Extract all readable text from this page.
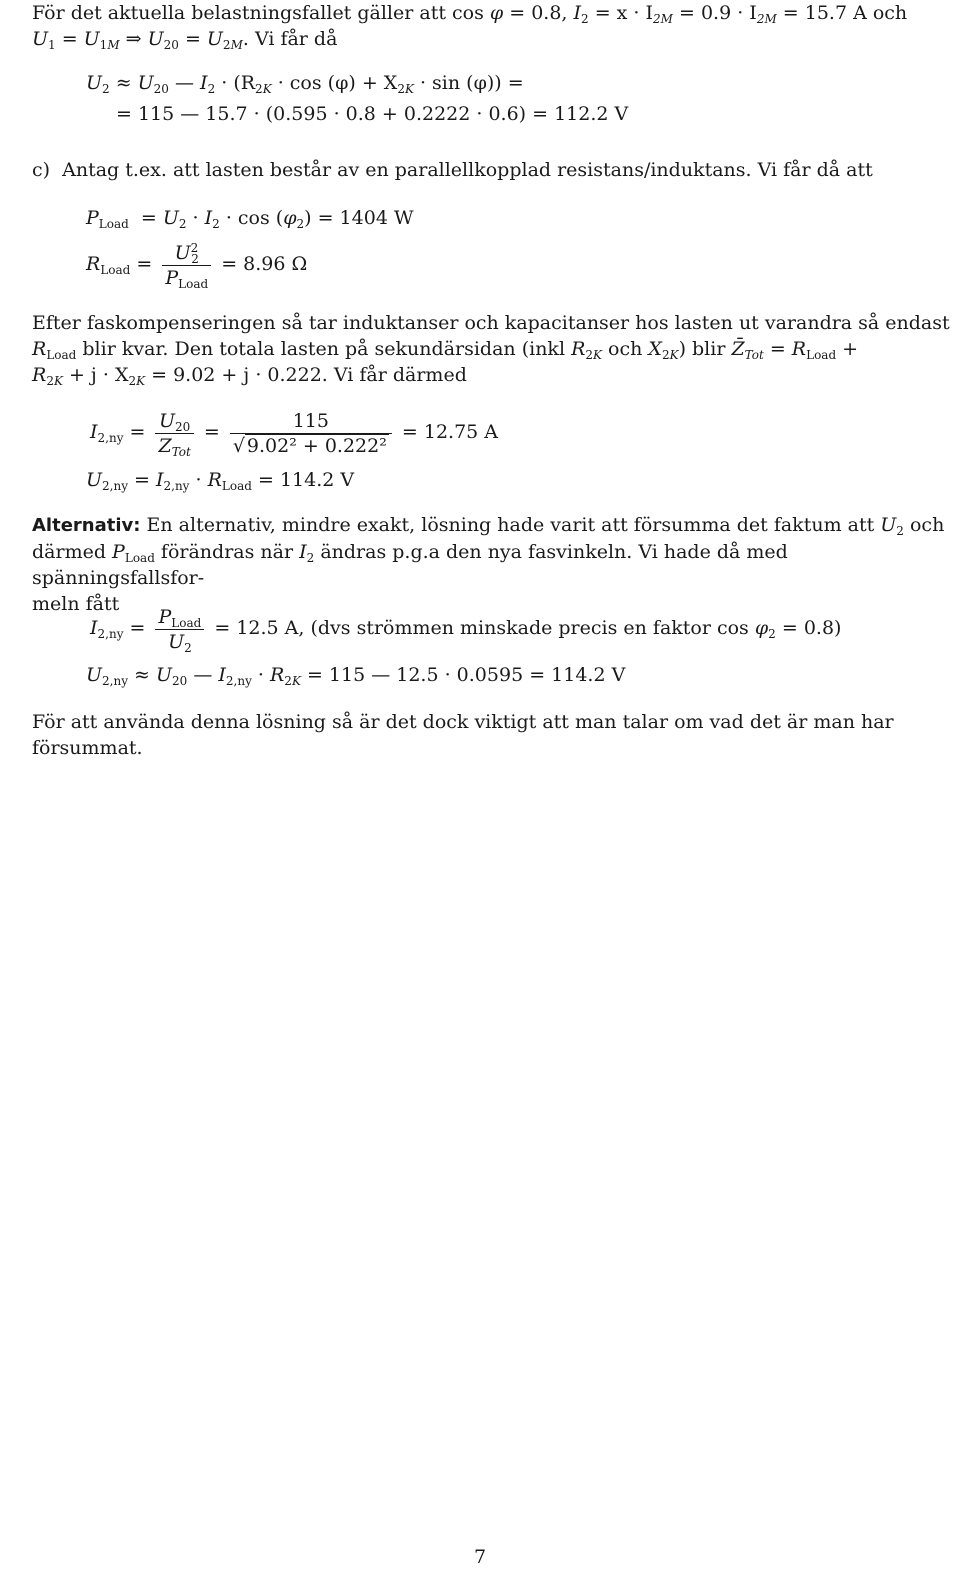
För det aktuella belastningsfallet gäller att cos φ = 0.8, $I_2 = x \cdot I_{2M} = 0.9 \cdot I_{2M} = 15.7$ A och
$U_1 = U_{1M}$ ⇒ $U_{20} = U_{2M}$. Vi får då
$U_2 \approx U_{20}$ — $I_2 \cdot (R_{2K} \cdot \cos (\varphi) + X_{2K} \cdot \sin (\varphi))$ =
= 115 — 15.7 · (0.595 · 0.8 + 0.2222 · 0.6) = 112.2 V
c) Antag t.ex. att lasten består av en parallellkopplad resistans/induktans. Vi får då att
$P_{Load} = U_2 \cdot I_2 \cdot \cos (\varphi_2) = 1404$ W
$R_{Load} = \frac{U^2_2}{P_{Load}} = 8.96$ Ω
Efter faskompenseringen så tar induktanser och kapacitanser hos lasten ut varandra så endast
$R_{Load}$ blir kvar. Den totala lasten på sekundärsidan (inkl $R_{2K}$ och $X_{2K}$) blir $Z̄_{Tot} = R_{Load}$ +
$R_{2K} + j \cdot X_{2K} = 9.02 + j \cdot 0.222$. Vi får därmed
$I_{2,ny} = \frac{U_{20}}{Z_{Tot}} = \frac{115}{\text{√ 9.02² + 0.222²}} = 12.75$ A
$U_{2,ny} = I_{2,ny} \cdot R_{Load} = 114.2$ V
Alternativ: En alternativ, mindre exakt, lösning hade varit att försumma det faktum att $U_2$ och
därmed $P_{Load}$ förändras när $I_2$ ändras p.g.a den nya fasvinkeln. Vi hade då med spänningsfallsfor-
meln fått
$I_{2,ny} = \frac{P_{Load}}{U_2} = 12.5$ A, (dvs strömmen minskade precis en faktor $\cos \varphi_2 = 0.8$)
$U_{2,ny} \approx U_{20}$ — $I_{2,ny} \cdot R_{2K} = 115$ — 12.5 · 0.0595 = 114.2 V
För att använda denna lösning så är det dock viktigt att man talar om vad det är man har försummat.
7
